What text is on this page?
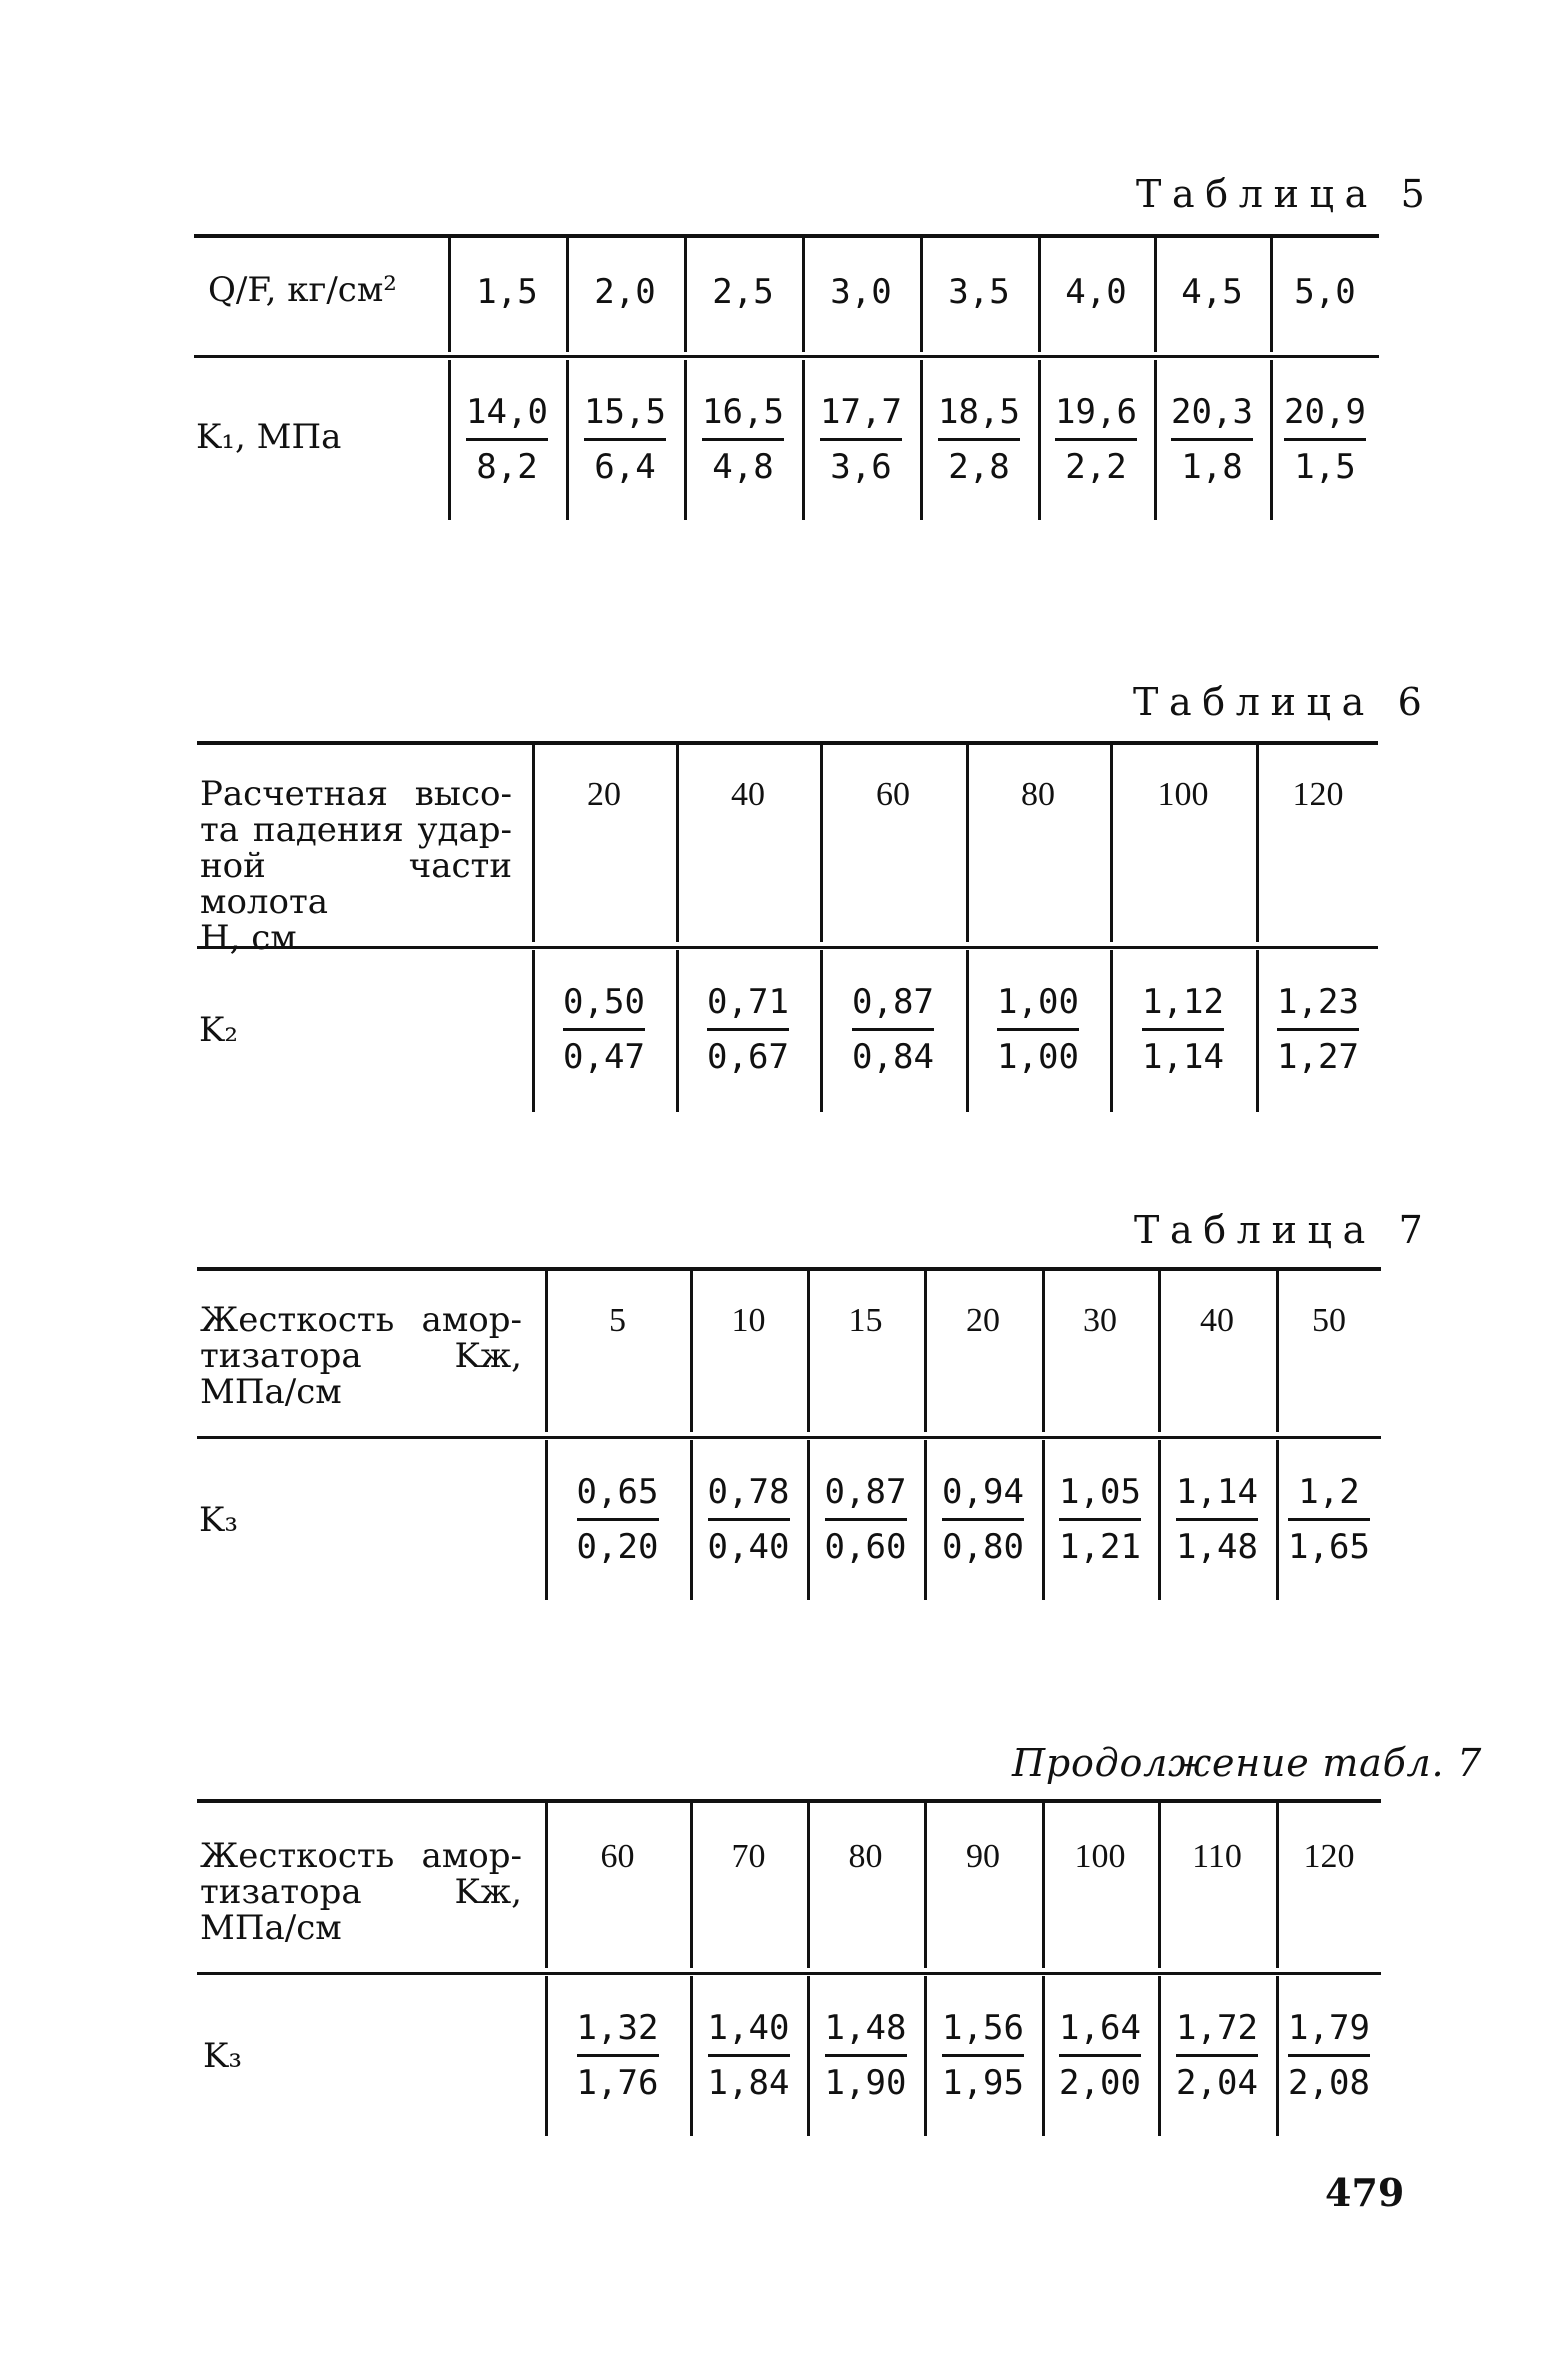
Таблица 5
Q/F, кг/см²
K₁, МПа
1,5
14,0
8,2
2,0
15,5
6,4
2,5
16,5
4,8
3,0
17,7
3,6
3,5
18,5
2,8
4,0
19,6
2,2
4,5
20,3
1,8
5,0
20,9
1,5
Таблица 6
Расчетная высо-
та падения удар-
ной части молота
H, см
K₂
20
0,50
0,47
40
0,71
0,67
60
0,87
0,84
80
1,00
1,00
100
1,12
1,14
120
1,23
1,27
Таблица 7
Жесткость амор-
тизатора Kж,
МПа/см
K₃
5
0,65
0,20
10
0,78
0,40
15
0,87
0,60
20
0,94
0,80
30
1,05
1,21
40
1,14
1,48
50
1,2
1,65
Продолжение табл. 7
Жесткость амор-
тизатора Kж,
МПа/см
K₃
60
1,32
1,76
70
1,40
1,84
80
1,48
1,90
90
1,56
1,95
100
1,64
2,00
110
1,72
2,04
120
1,79
2,08
479
